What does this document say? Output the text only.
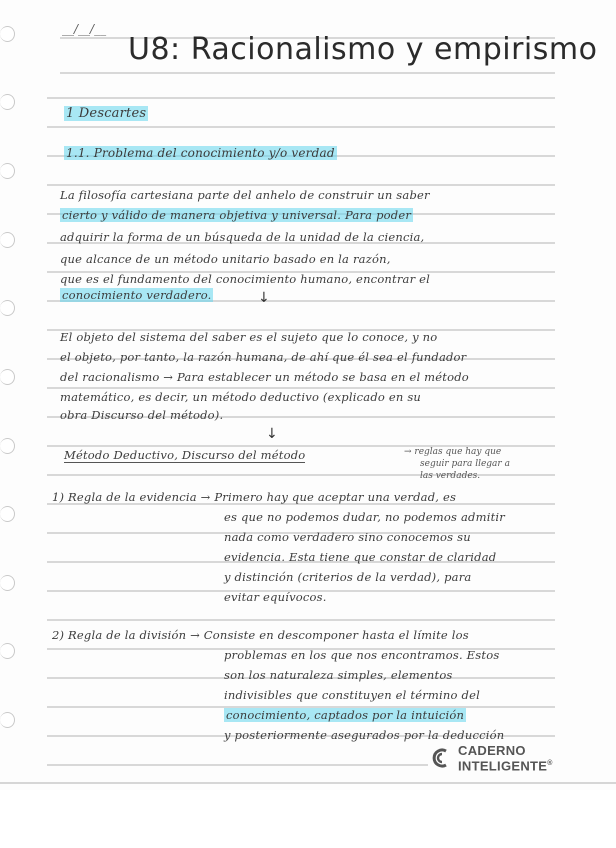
__/__/__
U8: Racionalismo y empirismo
1 Descartes
1.1. Problema del conocimiento y/o verdad
La filosofía cartesiana parte del anhelo de construir un saber
cierto y válido de manera objetiva y universal. Para poder
adquirir la forma de un búsqueda de la unidad de la ciencia,
que alcance de un método unitario basado en la razón,
que es el fundamento del conocimiento humano, encontrar el
conocimiento verdadero.	↓
El objeto del sistema del saber es el sujeto que lo conoce, y no
el objeto, por tanto, la razón humana, de ahí que él sea el fundador
del racionalismo → Para establecer un método se basa en el método
matemático, es decir, un método deductivo (explicado en su
obra Discurso del método).
↓
Método Deductivo, Discurso del método	→ reglas que hay que
seguir para llegar a
las verdades.
1) Regla de la evidencia → Primero hay que aceptar una verdad, es
es que no podemos dudar, no podemos admitir
nada como verdadero sino conocemos su
evidencia. Esta tiene que constar de claridad
y distinción (criterios de la verdad), para
evitar equívocos.
2) Regla de la división → Consiste en descomponer hasta el límite los
problemas en los que nos encontramos. Estos
son los naturaleza simples, elementos
indivisibles que constituyen el término del
conocimiento, captados por la intuición
y posteriormente asegurados por la deducción
CADERNO
INTELIGENTE®
